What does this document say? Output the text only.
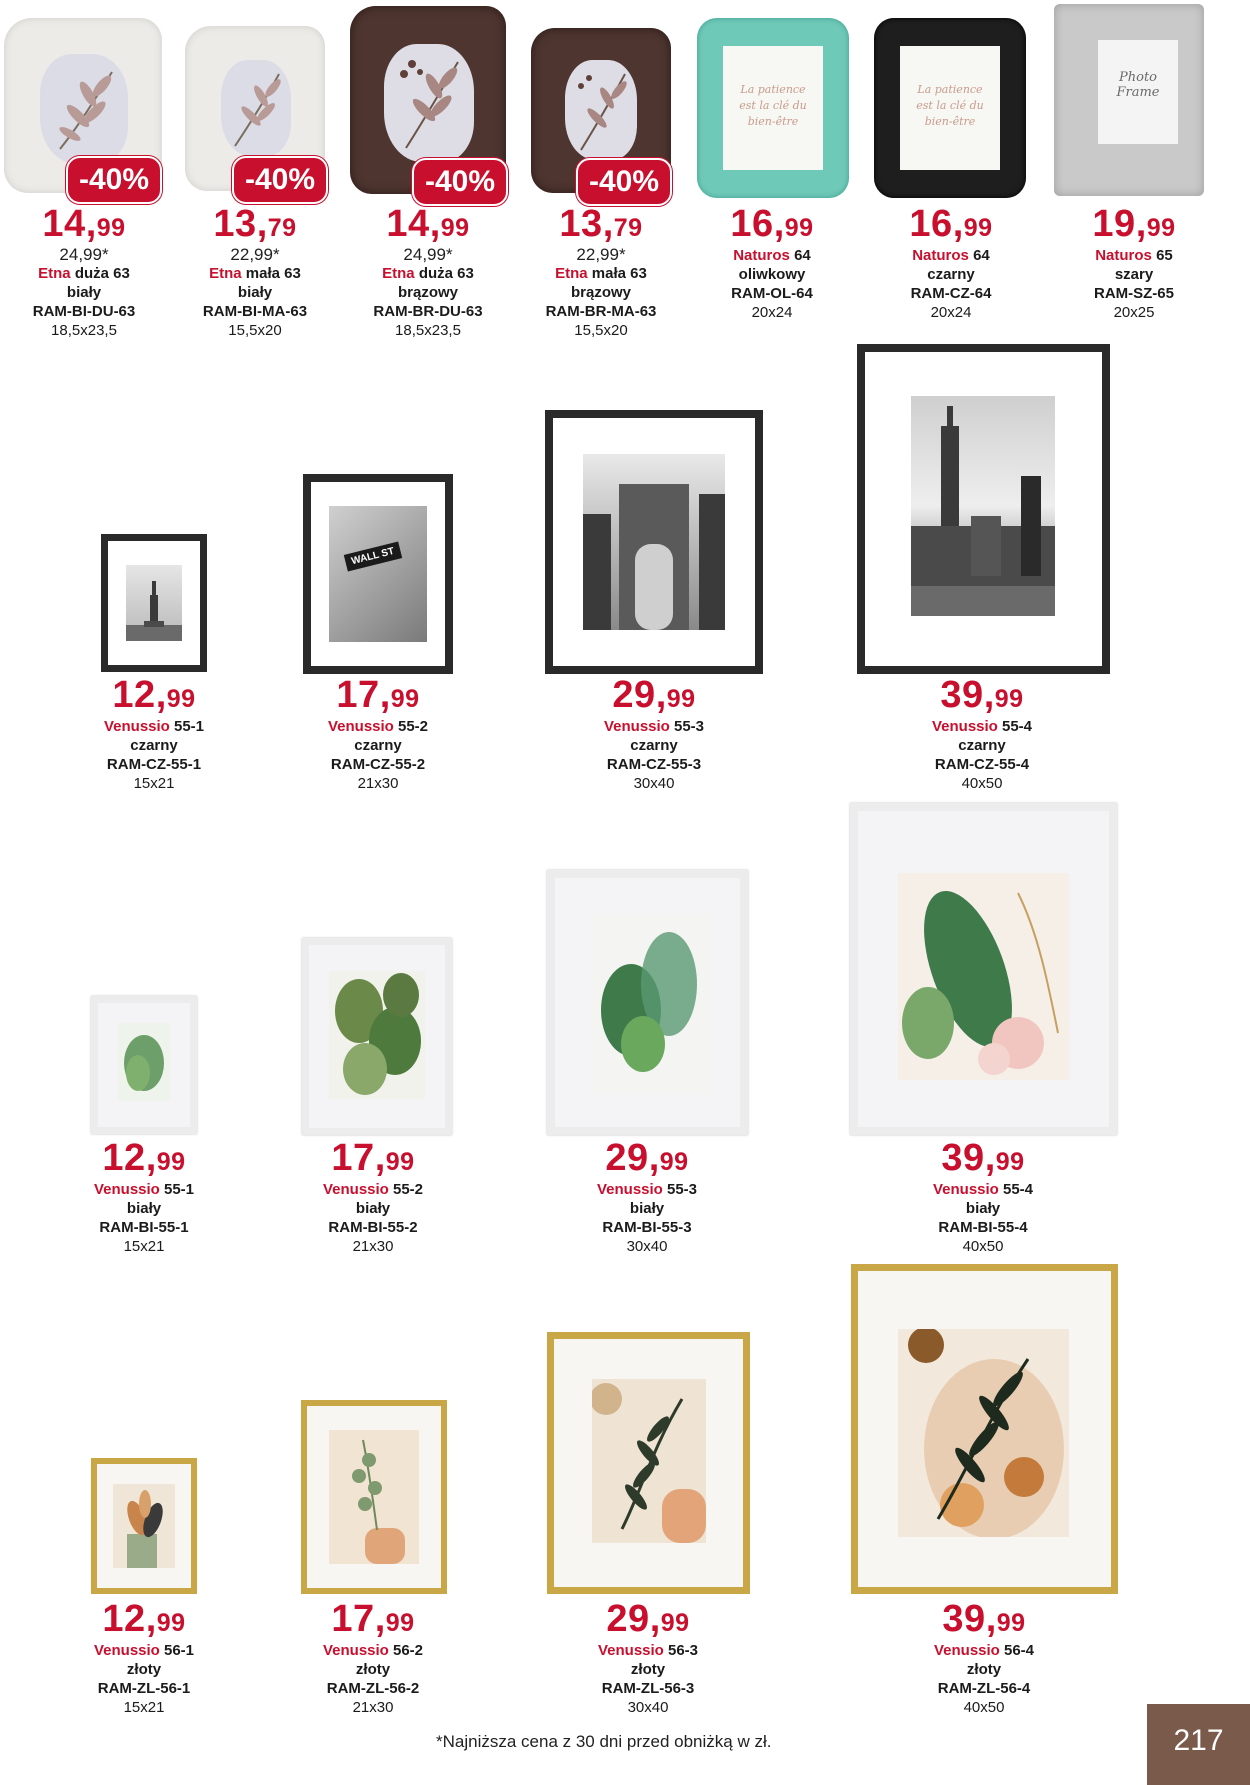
La patience est la clé du bien-être
La patience est la clé du bien-être
Photo Frame
-40%	-40%	-40%	-40%
14,99
24,99*
Etna duża 63
biały
RAM-BI-DU-63
18,5x23,5
13,79
22,99*
Etna mała 63
biały
RAM-BI-MA-63
15,5x20
14,99
24,99*
Etna duża 63
brązowy
RAM-BR-DU-63
18,5x23,5
13,79
22,99*
Etna mała 63
brązowy
RAM-BR-MA-63
15,5x20
16,99
Naturos 64
oliwkowy
RAM-OL-64
20x24
16,99
Naturos 64
czarny
RAM-CZ-64
20x24
19,99
Naturos 65
szary
RAM-SZ-65
20x25
WALL ST
12,99
Venussio 55-1
czarny
RAM-CZ-55-1
15x21
17,99
Venussio 55-2
czarny
RAM-CZ-55-2
21x30
29,99
Venussio 55-3
czarny
RAM-CZ-55-3
30x40
39,99
Venussio 55-4
czarny
RAM-CZ-55-4
40x50
12,99
Venussio 55-1
biały
RAM-BI-55-1
15x21
17,99
Venussio 55-2
biały
RAM-BI-55-2
21x30
29,99
Venussio 55-3
biały
RAM-BI-55-3
30x40
39,99
Venussio 55-4
biały
RAM-BI-55-4
40x50
12,99
Venussio 56-1
złoty
RAM-ZL-56-1
15x21
17,99
Venussio 56-2
złoty
RAM-ZL-56-2
21x30
29,99
Venussio 56-3
złoty
RAM-ZL-56-3
30x40
39,99
Venussio 56-4
złoty
RAM-ZL-56-4
40x50
*Najniższa cena z 30 dni przed obniżką w zł.	217
